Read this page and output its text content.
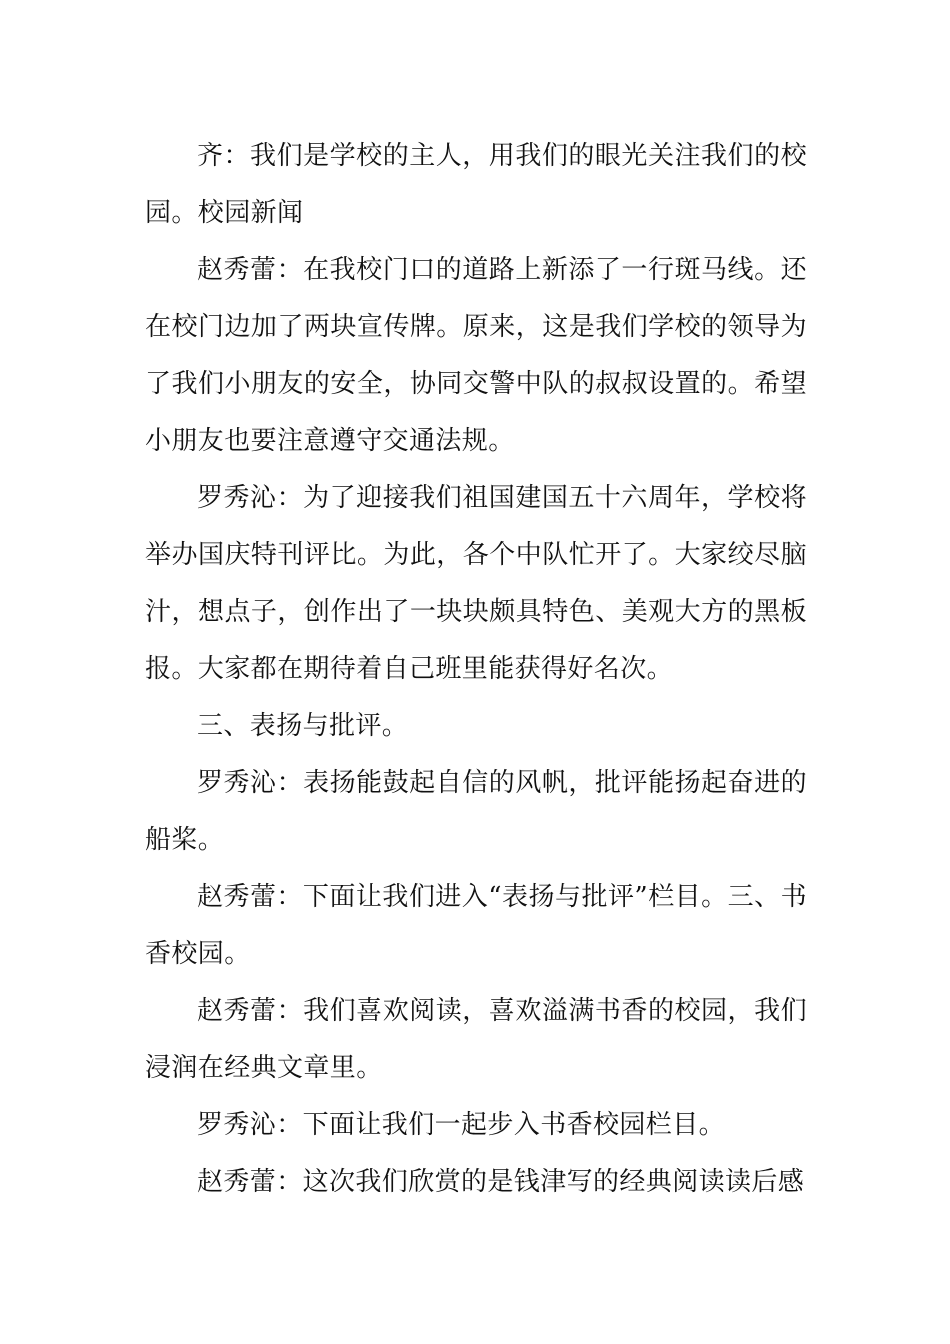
齐：我们是学校的主人，用我们的眼光关注我们的校园。校园新闻

赵秀蕾：在我校门口的道路上新添了一行斑马线。还在校门边加了两块宣传牌。原来，这是我们学校的领导为了我们小朋友的安全，协同交警中队的叔叔设置的。希望小朋友也要注意遵守交通法规。

罗秀沁：为了迎接我们祖国建国五十六周年，学校将举办国庆特刊评比。为此，各个中队忙开了。大家绞尽脑汁，想点子，创作出了一块块颇具特色、美观大方的黑板报。大家都在期待着自己班里能获得好名次。

三、表扬与批评。

罗秀沁：表扬能鼓起自信的风帆，批评能扬起奋进的船桨。

赵秀蕾：下面让我们进入“表扬与批评”栏目。三、书香校园。

赵秀蕾：我们喜欢阅读，喜欢溢满书香的校园，我们浸润在经典文章里。

罗秀沁：下面让我们一起步入书香校园栏目。

赵秀蕾：这次我们欣赏的是钱津写的经典阅读读后感
